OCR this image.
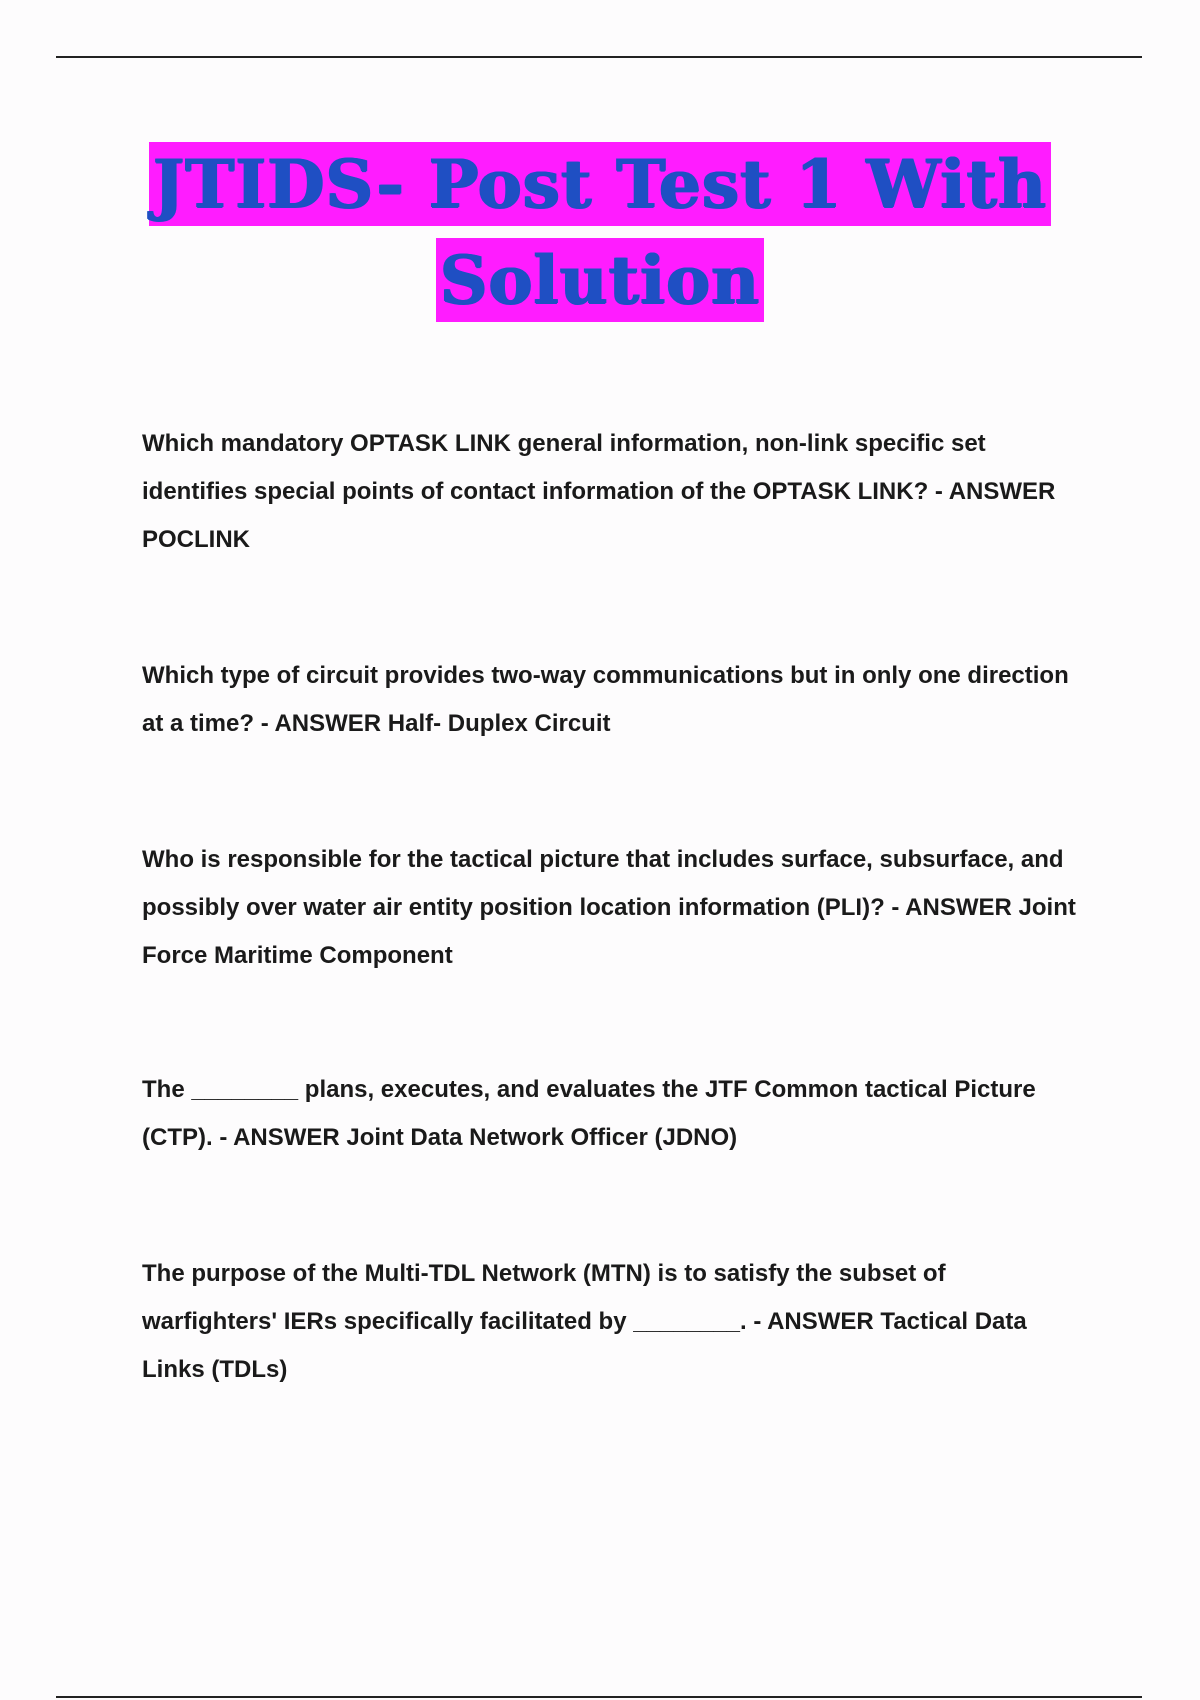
JTIDS- Post Test 1 With
Solution

Which mandatory OPTASK LINK general information, non-link specific set identifies special points of contact information of the OPTASK LINK? - ANSWER POCLINK

Which type of circuit provides two-way communications but in only one direction at a time? - ANSWER Half- Duplex Circuit

Who is responsible for the tactical picture that includes surface, subsurface, and possibly over water air entity position location information (PLI)? - ANSWER Joint Force Maritime Component

The ________ plans, executes, and evaluates the JTF Common tactical Picture (CTP). - ANSWER Joint Data Network Officer (JDNO)

The purpose of the Multi-TDL Network (MTN) is to satisfy the subset of warfighters' IERs specifically facilitated by ________. - ANSWER Tactical Data Links (TDLs)
